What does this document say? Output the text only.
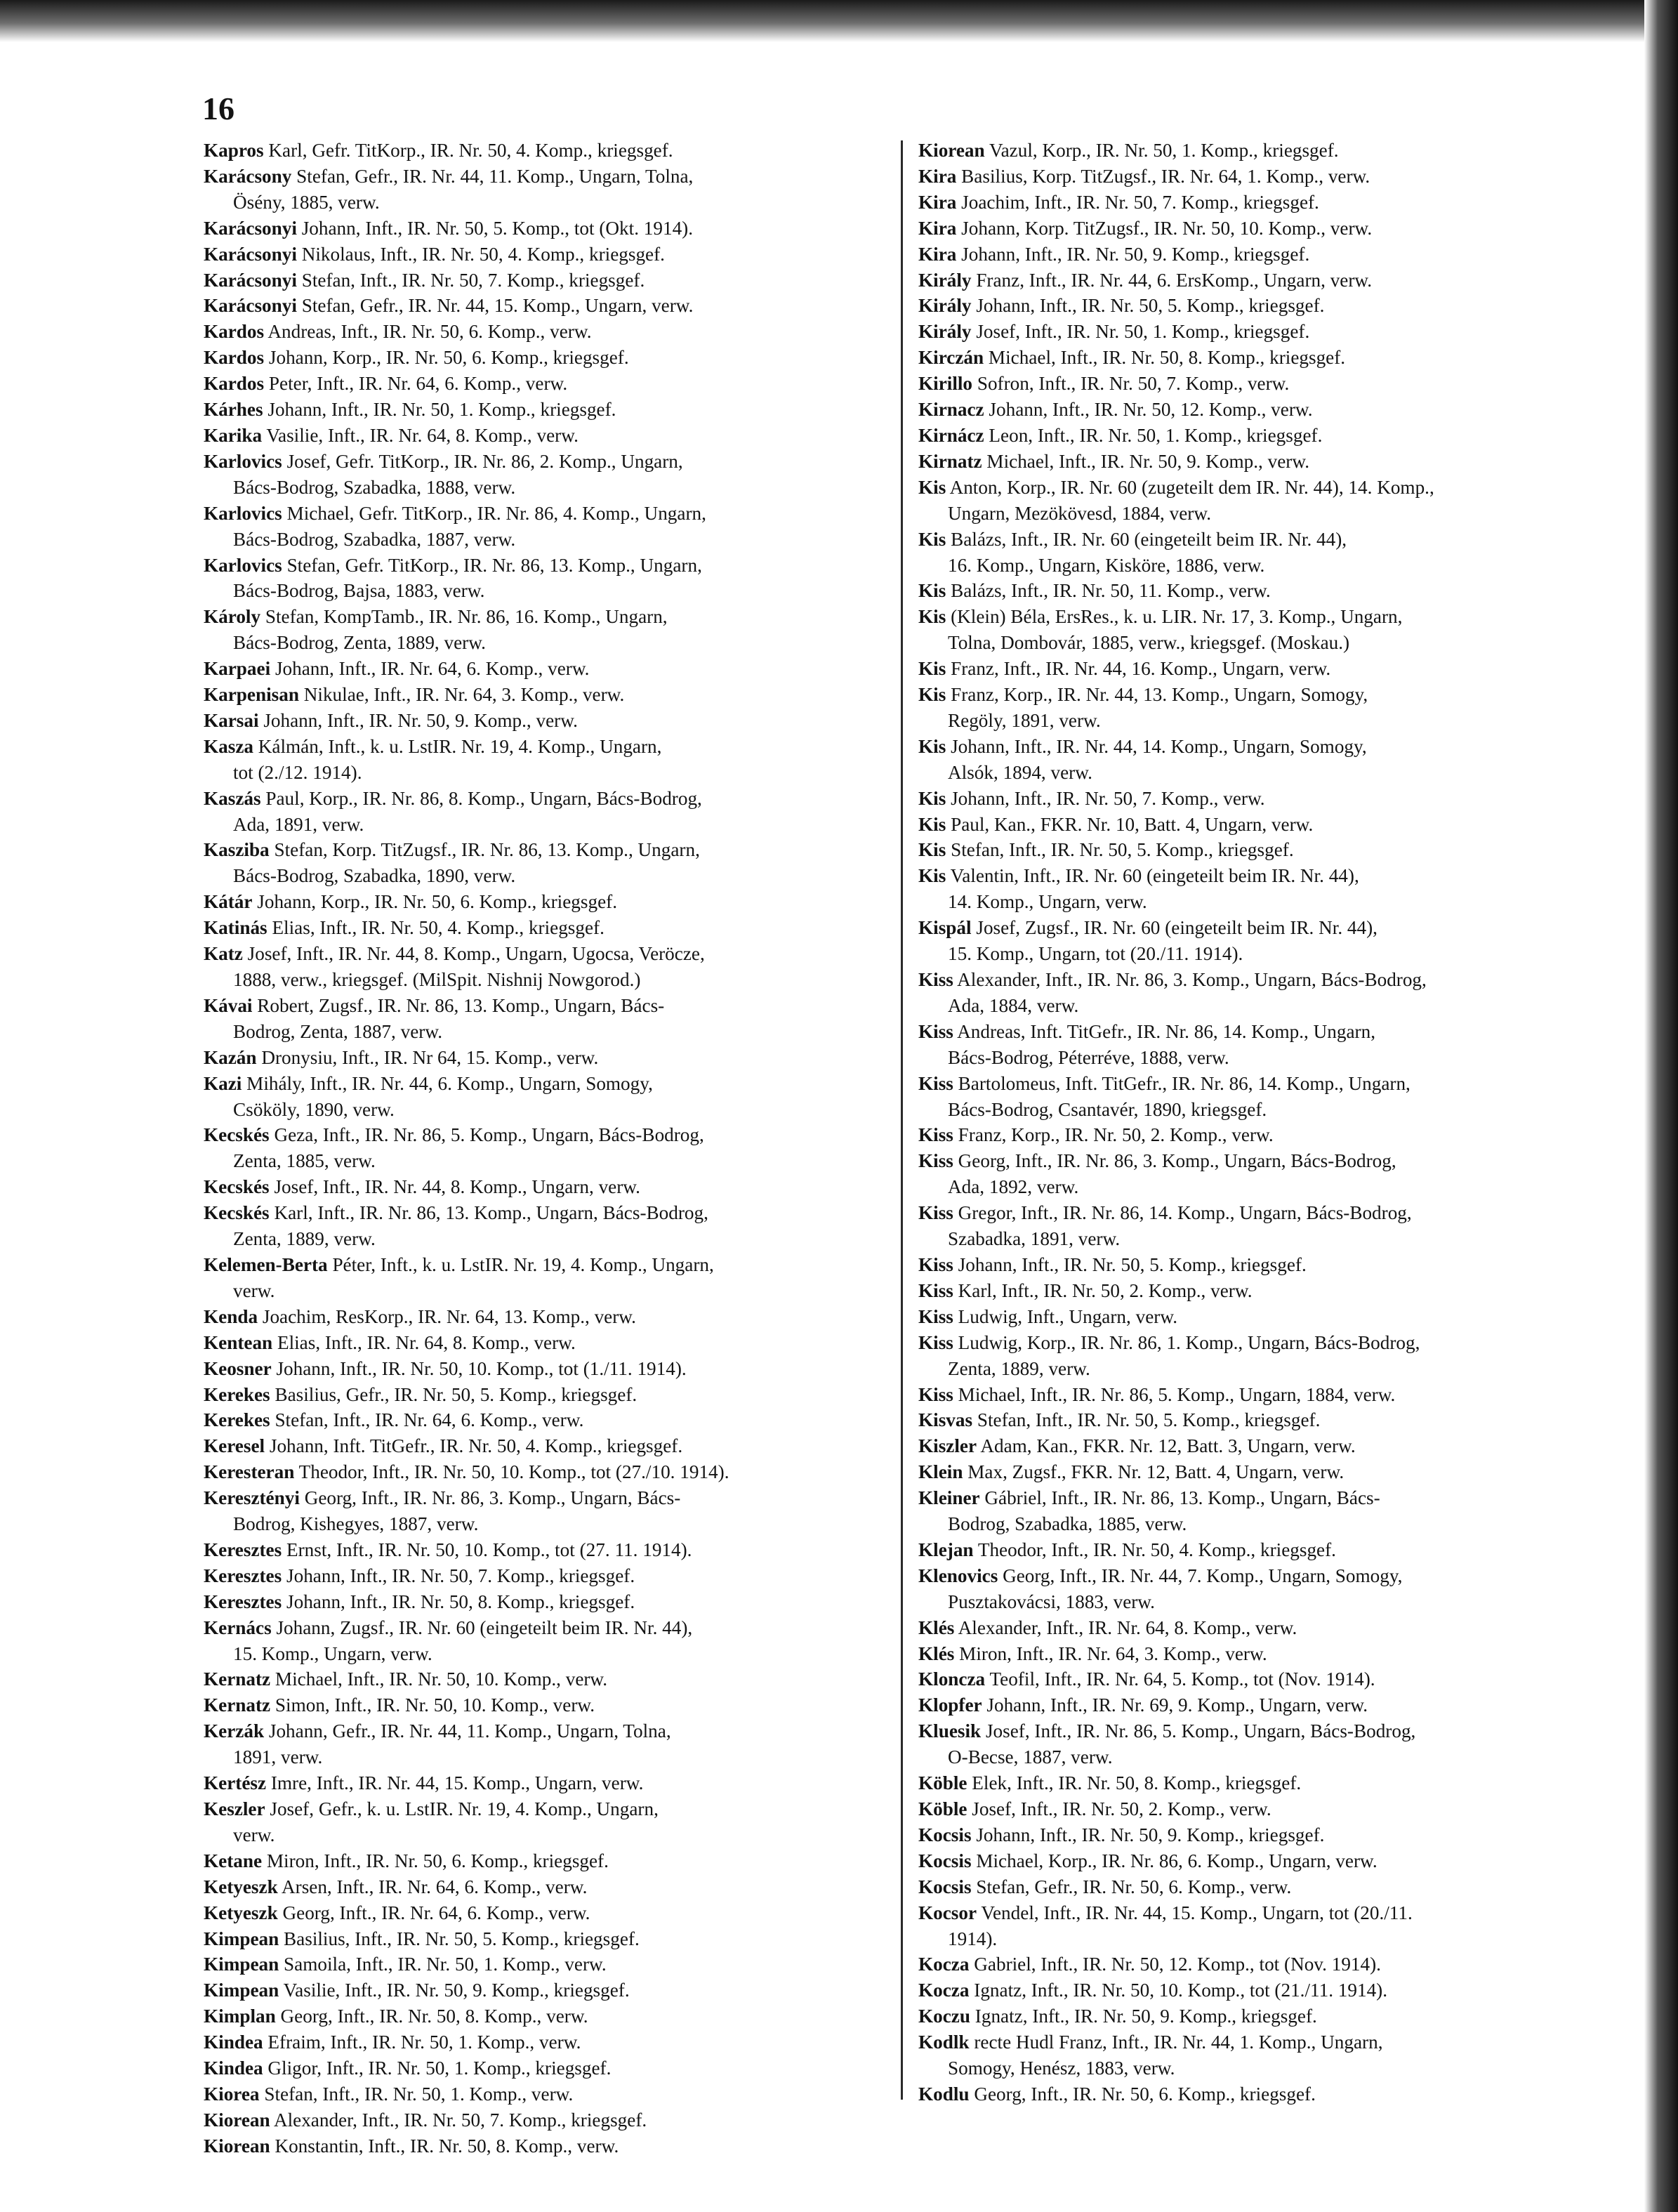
16
Kapros Karl, Gefr. TitKorp., IR. Nr. 50, 4. Komp., kriegsgef.
Karácsony Stefan, Gefr., IR. Nr. 44, 11. Komp., Ungarn, Tolna,
Ösény, 1885, verw.
Karácsonyi Johann, Inft., IR. Nr. 50, 5. Komp., tot (Okt. 1914).
Karácsonyi Nikolaus, Inft., IR. Nr. 50, 4. Komp., kriegsgef.
Karácsonyi Stefan, Inft., IR. Nr. 50, 7. Komp., kriegsgef.
Karácsonyi Stefan, Gefr., IR. Nr. 44, 15. Komp., Ungarn, verw.
Kardos Andreas, Inft., IR. Nr. 50, 6. Komp., verw.
Kardos Johann, Korp., IR. Nr. 50, 6. Komp., kriegsgef.
Kardos Peter, Inft., IR. Nr. 64, 6. Komp., verw.
Kárhes Johann, Inft., IR. Nr. 50, 1. Komp., kriegsgef.
Karika Vasilie, Inft., IR. Nr. 64, 8. Komp., verw.
Karlovics Josef, Gefr. TitKorp., IR. Nr. 86, 2. Komp., Ungarn,
Bács-Bodrog, Szabadka, 1888, verw.
Karlovics Michael, Gefr. TitKorp., IR. Nr. 86, 4. Komp., Ungarn,
Bács-Bodrog, Szabadka, 1887, verw.
Karlovics Stefan, Gefr. TitKorp., IR. Nr. 86, 13. Komp., Ungarn,
Bács-Bodrog, Bajsa, 1883, verw.
Károly Stefan, KompTamb., IR. Nr. 86, 16. Komp., Ungarn,
Bács-Bodrog, Zenta, 1889, verw.
Karpaei Johann, Inft., IR. Nr. 64, 6. Komp., verw.
Karpenisan Nikulae, Inft., IR. Nr. 64, 3. Komp., verw.
Karsai Johann, Inft., IR. Nr. 50, 9. Komp., verw.
Kasza Kálmán, Inft., k. u. LstIR. Nr. 19, 4. Komp., Ungarn,
tot (2./12. 1914).
Kaszás Paul, Korp., IR. Nr. 86, 8. Komp., Ungarn, Bács-Bodrog,
Ada, 1891, verw.
Kasziba Stefan, Korp. TitZugsf., IR. Nr. 86, 13. Komp., Ungarn,
Bács-Bodrog, Szabadka, 1890, verw.
Kátár Johann, Korp., IR. Nr. 50, 6. Komp., kriegsgef.
Katinás Elias, Inft., IR. Nr. 50, 4. Komp., kriegsgef.
Katz Josef, Inft., IR. Nr. 44, 8. Komp., Ungarn, Ugocsa, Veröcze,
1888, verw., kriegsgef. (MilSpit. Nishnij Nowgorod.)
Kávai Robert, Zugsf., IR. Nr. 86, 13. Komp., Ungarn, Bács-
Bodrog, Zenta, 1887, verw.
Kazán Dronysiu, Inft., IR. Nr 64, 15. Komp., verw.
Kazi Mihály, Inft., IR. Nr. 44, 6. Komp., Ungarn, Somogy,
Csököly, 1890, verw.
Kecskés Geza, Inft., IR. Nr. 86, 5. Komp., Ungarn, Bács-Bodrog,
Zenta, 1885, verw.
Kecskés Josef, Inft., IR. Nr. 44, 8. Komp., Ungarn, verw.
Kecskés Karl, Inft., IR. Nr. 86, 13. Komp., Ungarn, Bács-Bodrog,
Zenta, 1889, verw.
Kelemen-Berta Péter, Inft., k. u. LstIR. Nr. 19, 4. Komp., Ungarn,
verw.
Kenda Joachim, ResKorp., IR. Nr. 64, 13. Komp., verw.
Kentean Elias, Inft., IR. Nr. 64, 8. Komp., verw.
Keosner Johann, Inft., IR. Nr. 50, 10. Komp., tot (1./11. 1914).
Kerekes Basilius, Gefr., IR. Nr. 50, 5. Komp., kriegsgef.
Kerekes Stefan, Inft., IR. Nr. 64, 6. Komp., verw.
Keresel Johann, Inft. TitGefr., IR. Nr. 50, 4. Komp., kriegsgef.
Keresteran Theodor, Inft., IR. Nr. 50, 10. Komp., tot (27./10. 1914).
Keresztényi Georg, Inft., IR. Nr. 86, 3. Komp., Ungarn, Bács-
Bodrog, Kishegyes, 1887, verw.
Keresztes Ernst, Inft., IR. Nr. 50, 10. Komp., tot (27. 11. 1914).
Keresztes Johann, Inft., IR. Nr. 50, 7. Komp., kriegsgef.
Keresztes Johann, Inft., IR. Nr. 50, 8. Komp., kriegsgef.
Kernács Johann, Zugsf., IR. Nr. 60 (eingeteilt beim IR. Nr. 44),
15. Komp., Ungarn, verw.
Kernatz Michael, Inft., IR. Nr. 50, 10. Komp., verw.
Kernatz Simon, Inft., IR. Nr. 50, 10. Komp., verw.
Kerzák Johann, Gefr., IR. Nr. 44, 11. Komp., Ungarn, Tolna,
1891, verw.
Kertész Imre, Inft., IR. Nr. 44, 15. Komp., Ungarn, verw.
Keszler Josef, Gefr., k. u. LstIR. Nr. 19, 4. Komp., Ungarn,
verw.
Ketane Miron, Inft., IR. Nr. 50, 6. Komp., kriegsgef.
Ketyeszk Arsen, Inft., IR. Nr. 64, 6. Komp., verw.
Ketyeszk Georg, Inft., IR. Nr. 64, 6. Komp., verw.
Kimpean Basilius, Inft., IR. Nr. 50, 5. Komp., kriegsgef.
Kimpean Samoila, Inft., IR. Nr. 50, 1. Komp., verw.
Kimpean Vasilie, Inft., IR. Nr. 50, 9. Komp., kriegsgef.
Kimplan Georg, Inft., IR. Nr. 50, 8. Komp., verw.
Kindea Efraim, Inft., IR. Nr. 50, 1. Komp., verw.
Kindea Gligor, Inft., IR. Nr. 50, 1. Komp., kriegsgef.
Kiorea Stefan, Inft., IR. Nr. 50, 1. Komp., verw.
Kiorean Alexander, Inft., IR. Nr. 50, 7. Komp., kriegsgef.
Kiorean Konstantin, Inft., IR. Nr. 50, 8. Komp., verw.
Kiorean Vazul, Korp., IR. Nr. 50, 1. Komp., kriegsgef.
Kira Basilius, Korp. TitZugsf., IR. Nr. 64, 1. Komp., verw.
Kira Joachim, Inft., IR. Nr. 50, 7. Komp., kriegsgef.
Kira Johann, Korp. TitZugsf., IR. Nr. 50, 10. Komp., verw.
Kira Johann, Inft., IR. Nr. 50, 9. Komp., kriegsgef.
Király Franz, Inft., IR. Nr. 44, 6. ErsKomp., Ungarn, verw.
Király Johann, Inft., IR. Nr. 50, 5. Komp., kriegsgef.
Király Josef, Inft., IR. Nr. 50, 1. Komp., kriegsgef.
Kirczán Michael, Inft., IR. Nr. 50, 8. Komp., kriegsgef.
Kirillo Sofron, Inft., IR. Nr. 50, 7. Komp., verw.
Kirnacz Johann, Inft., IR. Nr. 50, 12. Komp., verw.
Kirnácz Leon, Inft., IR. Nr. 50, 1. Komp., kriegsgef.
Kirnatz Michael, Inft., IR. Nr. 50, 9. Komp., verw.
Kis Anton, Korp., IR. Nr. 60 (zugeteilt dem IR. Nr. 44), 14. Komp.,
Ungarn, Mezökövesd, 1884, verw.
Kis Balázs, Inft., IR. Nr. 60 (eingeteilt beim IR. Nr. 44),
16. Komp., Ungarn, Kisköre, 1886, verw.
Kis Balázs, Inft., IR. Nr. 50, 11. Komp., verw.
Kis (Klein) Béla, ErsRes., k. u. LIR. Nr. 17, 3. Komp., Ungarn,
Tolna, Dombovár, 1885, verw., kriegsgef. (Moskau.)
Kis Franz, Inft., IR. Nr. 44, 16. Komp., Ungarn, verw.
Kis Franz, Korp., IR. Nr. 44, 13. Komp., Ungarn, Somogy,
Regöly, 1891, verw.
Kis Johann, Inft., IR. Nr. 44, 14. Komp., Ungarn, Somogy,
Alsók, 1894, verw.
Kis Johann, Inft., IR. Nr. 50, 7. Komp., verw.
Kis Paul, Kan., FKR. Nr. 10, Batt. 4, Ungarn, verw.
Kis Stefan, Inft., IR. Nr. 50, 5. Komp., kriegsgef.
Kis Valentin, Inft., IR. Nr. 60 (eingeteilt beim IR. Nr. 44),
14. Komp., Ungarn, verw.
Kispál Josef, Zugsf., IR. Nr. 60 (eingeteilt beim IR. Nr. 44),
15. Komp., Ungarn, tot (20./11. 1914).
Kiss Alexander, Inft., IR. Nr. 86, 3. Komp., Ungarn, Bács-Bodrog,
Ada, 1884, verw.
Kiss Andreas, Inft. TitGefr., IR. Nr. 86, 14. Komp., Ungarn,
Bács-Bodrog, Péterréve, 1888, verw.
Kiss Bartolomeus, Inft. TitGefr., IR. Nr. 86, 14. Komp., Ungarn,
Bács-Bodrog, Csantavér, 1890, kriegsgef.
Kiss Franz, Korp., IR. Nr. 50, 2. Komp., verw.
Kiss Georg, Inft., IR. Nr. 86, 3. Komp., Ungarn, Bács-Bodrog,
Ada, 1892, verw.
Kiss Gregor, Inft., IR. Nr. 86, 14. Komp., Ungarn, Bács-Bodrog,
Szabadka, 1891, verw.
Kiss Johann, Inft., IR. Nr. 50, 5. Komp., kriegsgef.
Kiss Karl, Inft., IR. Nr. 50, 2. Komp., verw.
Kiss Ludwig, Inft., Ungarn, verw.
Kiss Ludwig, Korp., IR. Nr. 86, 1. Komp., Ungarn, Bács-Bodrog,
Zenta, 1889, verw.
Kiss Michael, Inft., IR. Nr. 86, 5. Komp., Ungarn, 1884, verw.
Kisvas Stefan, Inft., IR. Nr. 50, 5. Komp., kriegsgef.
Kiszler Adam, Kan., FKR. Nr. 12, Batt. 3, Ungarn, verw.
Klein Max, Zugsf., FKR. Nr. 12, Batt. 4, Ungarn, verw.
Kleiner Gábriel, Inft., IR. Nr. 86, 13. Komp., Ungarn, Bács-
Bodrog, Szabadka, 1885, verw.
Klejan Theodor, Inft., IR. Nr. 50, 4. Komp., kriegsgef.
Klenovics Georg, Inft., IR. Nr. 44, 7. Komp., Ungarn, Somogy,
Pusztakovácsi, 1883, verw.
Klés Alexander, Inft., IR. Nr. 64, 8. Komp., verw.
Klés Miron, Inft., IR. Nr. 64, 3. Komp., verw.
Kloncza Teofil, Inft., IR. Nr. 64, 5. Komp., tot (Nov. 1914).
Klopfer Johann, Inft., IR. Nr. 69, 9. Komp., Ungarn, verw.
Kluesik Josef, Inft., IR. Nr. 86, 5. Komp., Ungarn, Bács-Bodrog,
O-Becse, 1887, verw.
Köble Elek, Inft., IR. Nr. 50, 8. Komp., kriegsgef.
Köble Josef, Inft., IR. Nr. 50, 2. Komp., verw.
Kocsis Johann, Inft., IR. Nr. 50, 9. Komp., kriegsgef.
Kocsis Michael, Korp., IR. Nr. 86, 6. Komp., Ungarn, verw.
Kocsis Stefan, Gefr., IR. Nr. 50, 6. Komp., verw.
Kocsor Vendel, Inft., IR. Nr. 44, 15. Komp., Ungarn, tot (20./11.
1914).
Kocza Gabriel, Inft., IR. Nr. 50, 12. Komp., tot (Nov. 1914).
Kocza Ignatz, Inft., IR. Nr. 50, 10. Komp., tot (21./11. 1914).
Koczu Ignatz, Inft., IR. Nr. 50, 9. Komp., kriegsgef.
Kodlk recte Hudl Franz, Inft., IR. Nr. 44, 1. Komp., Ungarn,
Somogy, Henész, 1883, verw.
Kodlu Georg, Inft., IR. Nr. 50, 6. Komp., kriegsgef.
